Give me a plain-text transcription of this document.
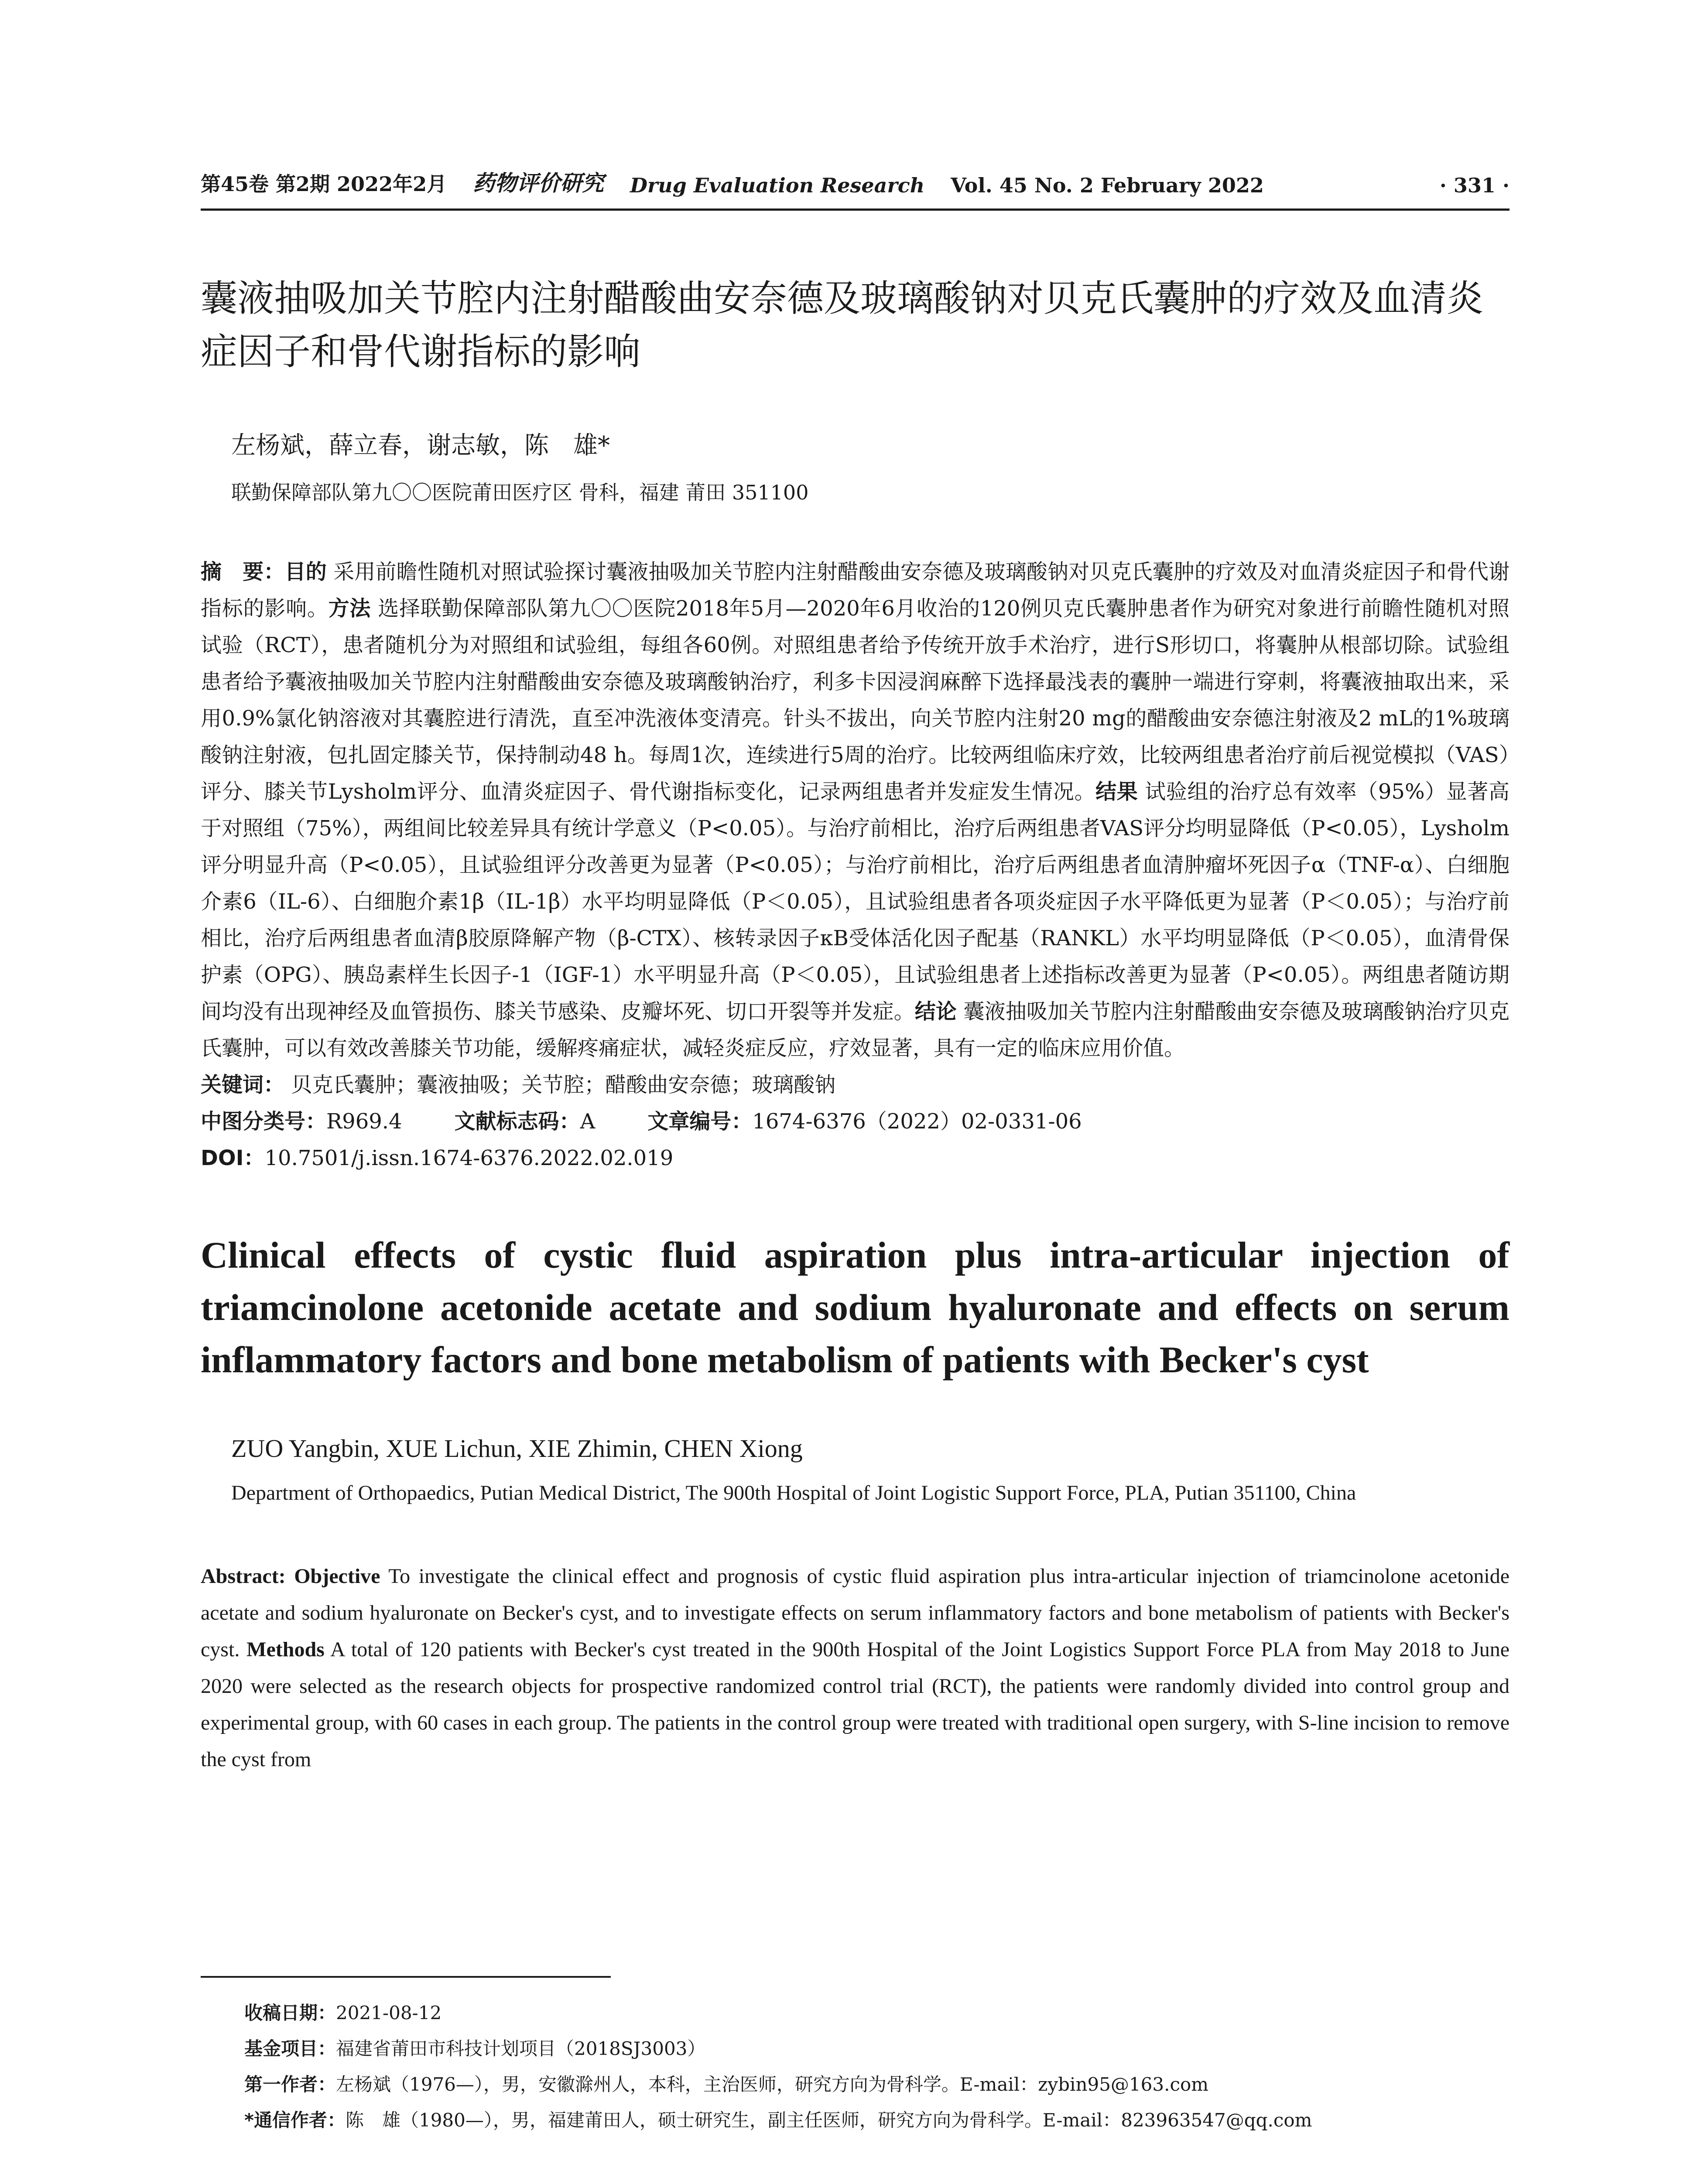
第45卷 第2期 2022年2月 药物评价研究 Drug Evaluation Research Vol. 45 No. 2 February 2022	· 331 ·
囊液抽吸加关节腔内注射醋酸曲安奈德及玻璃酸钠对贝克氏囊肿的疗效及血清炎症因子和骨代谢指标的影响
左杨斌，薛立春，谢志敏，陈　雄*
联勤保障部队第九〇〇医院莆田医疗区 骨科，福建 莆田 351100
摘　要：目的 采用前瞻性随机对照试验探讨囊液抽吸加关节腔内注射醋酸曲安奈德及玻璃酸钠对贝克氏囊肿的疗效及对血清炎症因子和骨代谢指标的影响。方法 选择联勤保障部队第九〇〇医院2018年5月—2020年6月收治的120例贝克氏囊肿患者作为研究对象进行前瞻性随机对照试验（RCT），患者随机分为对照组和试验组，每组各60例。对照组患者给予传统开放手术治疗，进行S形切口，将囊肿从根部切除。试验组患者给予囊液抽吸加关节腔内注射醋酸曲安奈德及玻璃酸钠治疗，利多卡因浸润麻醉下选择最浅表的囊肿一端进行穿刺，将囊液抽取出来，采用0.9%氯化钠溶液对其囊腔进行清洗，直至冲洗液体变清亮。针头不拔出，向关节腔内注射20 mg的醋酸曲安奈德注射液及2 mL的1%玻璃酸钠注射液，包扎固定膝关节，保持制动48 h。每周1次，连续进行5周的治疗。比较两组临床疗效，比较两组患者治疗前后视觉模拟（VAS）评分、膝关节Lysholm评分、血清炎症因子、骨代谢指标变化，记录两组患者并发症发生情况。结果 试验组的治疗总有效率（95%）显著高于对照组（75%），两组间比较差异具有统计学意义（P<0.05）。与治疗前相比，治疗后两组患者VAS评分均明显降低（P<0.05），Lysholm评分明显升高（P<0.05），且试验组评分改善更为显著（P<0.05）；与治疗前相比，治疗后两组患者血清肿瘤坏死因子α（TNF-α）、白细胞介素6（IL-6）、白细胞介素1β（IL-1β）水平均明显降低（P＜0.05），且试验组患者各项炎症因子水平降低更为显著（P＜0.05）；与治疗前相比，治疗后两组患者血清β胶原降解产物（β-CTX）、核转录因子κB受体活化因子配基（RANKL）水平均明显降低（P＜0.05），血清骨保护素（OPG）、胰岛素样生长因子-1（IGF-1）水平明显升高（P＜0.05），且试验组患者上述指标改善更为显著（P<0.05）。两组患者随访期间均没有出现神经及血管损伤、膝关节感染、皮瓣坏死、切口开裂等并发症。结论 囊液抽吸加关节腔内注射醋酸曲安奈德及玻璃酸钠治疗贝克氏囊肿，可以有效改善膝关节功能，缓解疼痛症状，减轻炎症反应，疗效显著，具有一定的临床应用价值。
关键词： 贝克氏囊肿；囊液抽吸；关节腔；醋酸曲安奈德；玻璃酸钠
中图分类号：R969.4	文献标志码：A	文章编号：1674-6376（2022）02-0331-06
DOI：10.7501/j.issn.1674-6376.2022.02.019
Clinical effects of cystic fluid aspiration plus intra-articular injection of triamcinolone acetonide acetate and sodium hyaluronate and effects on serum inflammatory factors and bone metabolism of patients with Becker's cyst
ZUO Yangbin, XUE Lichun, XIE Zhimin, CHEN Xiong
Department of Orthopaedics, Putian Medical District, The 900th Hospital of Joint Logistic Support Force, PLA, Putian 351100, China
Abstract: Objective To investigate the clinical effect and prognosis of cystic fluid aspiration plus intra-articular injection of triamcinolone acetonide acetate and sodium hyaluronate on Becker's cyst, and to investigate effects on serum inflammatory factors and bone metabolism of patients with Becker's cyst. Methods A total of 120 patients with Becker's cyst treated in the 900th Hospital of the Joint Logistics Support Force PLA from May 2018 to June 2020 were selected as the research objects for prospective randomized control trial (RCT), the patients were randomly divided into control group and experimental group, with 60 cases in each group. The patients in the control group were treated with traditional open surgery, with S-line incision to remove the cyst from
收稿日期：2021-08-12
基金项目：福建省莆田市科技计划项目（2018SJ3003）
第一作者：左杨斌（1976—），男，安徽滁州人，本科，主治医师，研究方向为骨科学。E-mail：zybin95@163.com
*通信作者：陈　雄（1980—），男，福建莆田人，硕士研究生，副主任医师，研究方向为骨科学。E-mail：823963547@qq.com
